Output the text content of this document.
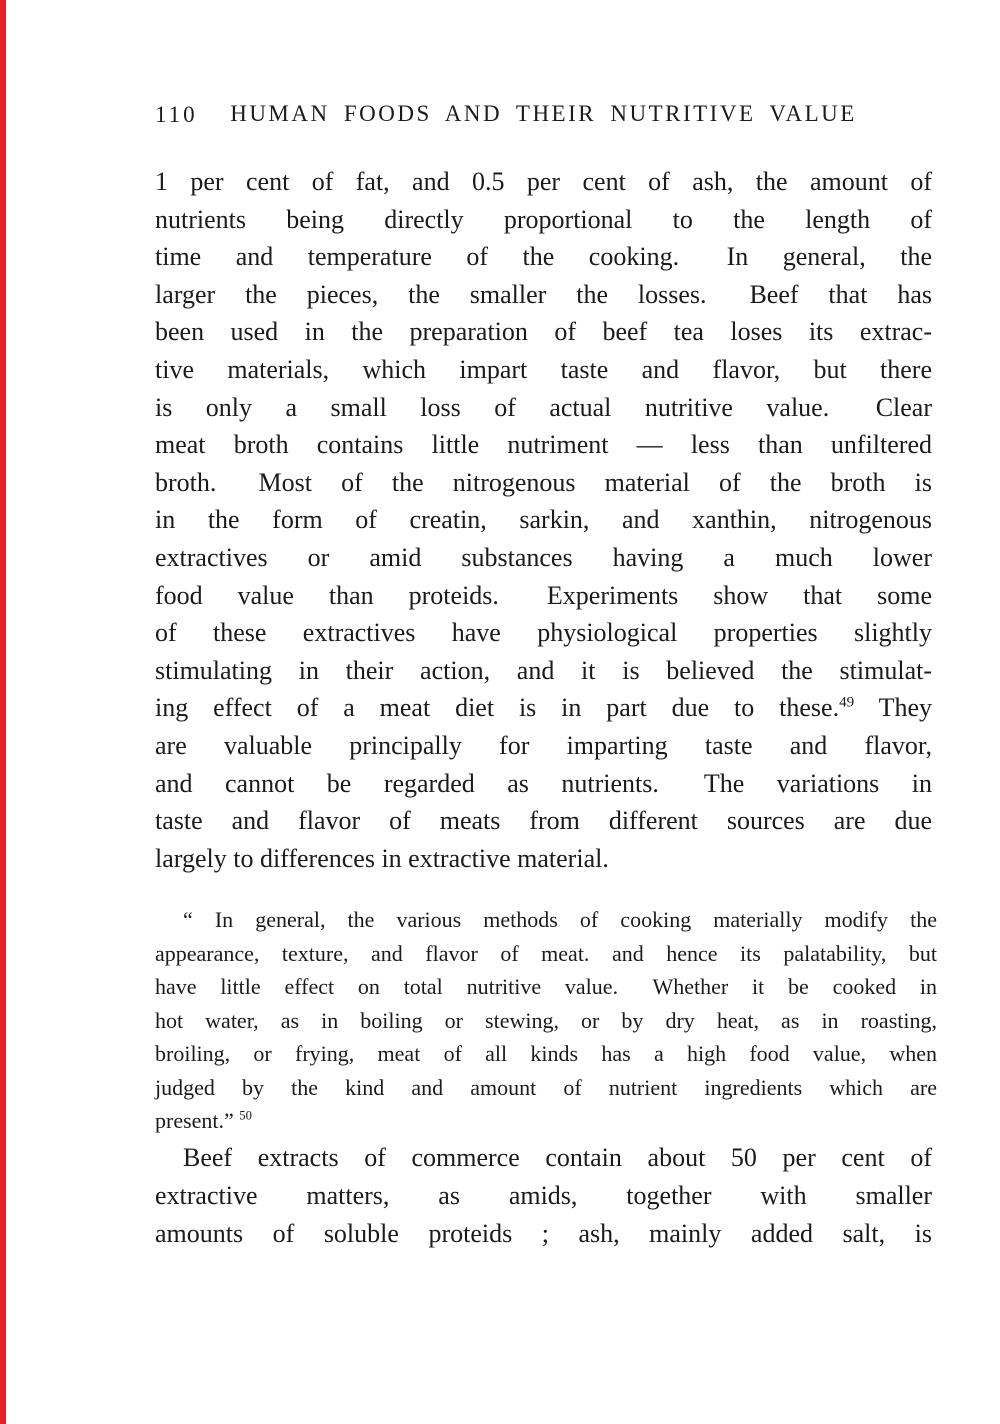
HUMAN FOODS AND THEIR NUTRITIVE VALUE
110
1 per cent of fat, and 0.5 per cent of ash, the amount of
nutrients being directly proportional to the length of
time and temperature of the cooking.  In general, the
larger the pieces, the smaller the losses.  Beef that has
been used in the preparation of beef tea loses its extrac-
tive materials, which impart taste and flavor, but there
is only a small loss of actual nutritive value.  Clear
meat broth contains little nutriment — less than unfiltered
broth.  Most of the nitrogenous material of the broth is
in the form of creatin, sarkin, and xanthin, nitrogenous
extractives or amid substances having a much lower
food value than proteids.  Experiments show that some
of these extractives have physiological properties slightly
stimulating in their action, and it is believed the stimulat-
ing effect of a meat diet is in part due to these.$^{49}$ They
are valuable principally for imparting taste and flavor,
and cannot be regarded as nutrients.  The variations in
taste and flavor of meats from different sources are due
largely to differences in extractive material.
“ In general, the various methods of cooking materially modify the
appearance, texture, and flavor of meat. and hence its palatability, but
have little effect on total nutritive value.  Whether it be cooked in
hot water, as in boiling or stewing, or by dry heat, as in roasting,
broiling, or frying, meat of all kinds has a high food value, when
judged by the kind and amount of nutrient ingredients which are
present.” $^{50}$
Beef extracts of commerce contain about 50 per cent of
extractive matters, as amids, together with smaller
amounts of soluble proteids ; ash, mainly added salt, is
